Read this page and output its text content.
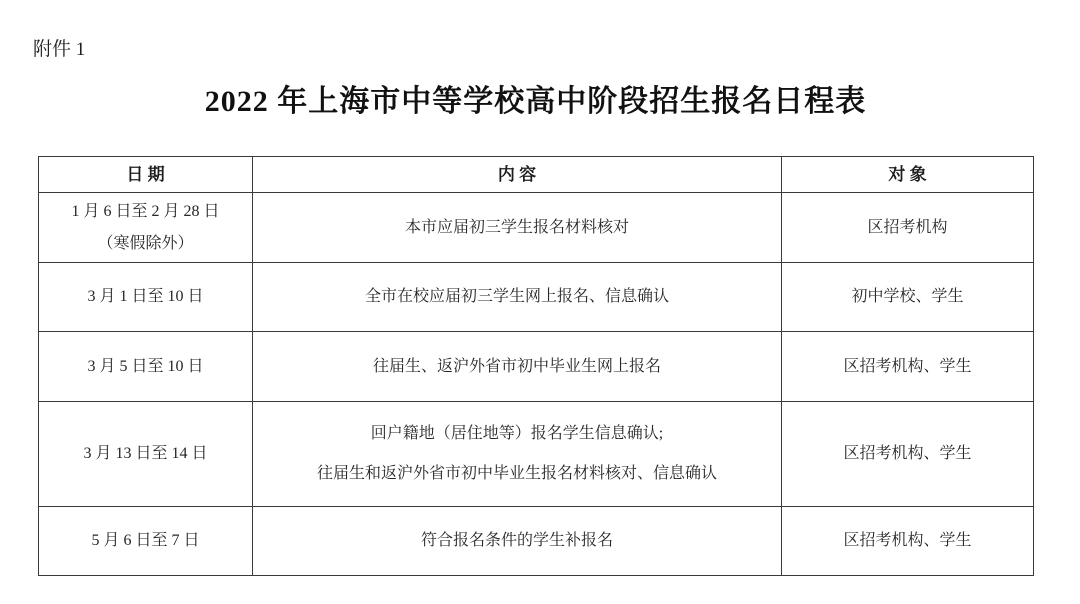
附件 1
2022 年上海市中等学校高中阶段招生报名日程表
日 期	内 容	对 象

1 月 6 日至 2 月 28 日
（寒假除外）	本市应届初三学生报名材料核对	区招考机构

3 月 1 日至 10 日	全市在校应届初三学生网上报名、信息确认	初中学校、学生

3 月 5 日至 10 日	往届生、返沪外省市初中毕业生网上报名	区招考机构、学生

3 月 13 日至 14 日	回户籍地（居住地等）报名学生信息确认;
往届生和返沪外省市初中毕业生报名材料核对、信息确认	区招考机构、学生

5 月 6 日至 7 日	符合报名条件的学生补报名	区招考机构、学生
